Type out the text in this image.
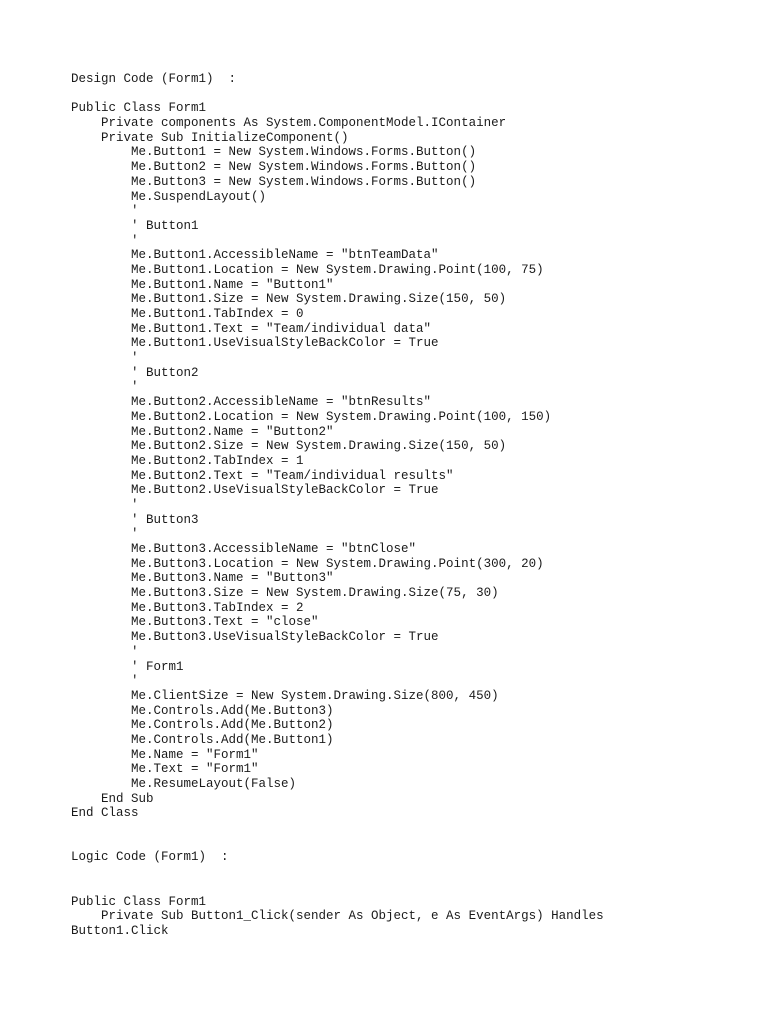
Design Code (Form1)  :
Public Class Form1
Private components As System.ComponentModel.IContainer
Private Sub InitializeComponent()
Me.Button1 = New System.Windows.Forms.Button()
Me.Button2 = New System.Windows.Forms.Button()
Me.Button3 = New System.Windows.Forms.Button()
Me.SuspendLayout()
'
' Button1
'
Me.Button1.AccessibleName = "btnTeamData"
Me.Button1.Location = New System.Drawing.Point(100, 75)
Me.Button1.Name = "Button1"
Me.Button1.Size = New System.Drawing.Size(150, 50)
Me.Button1.TabIndex = 0
Me.Button1.Text = "Team/individual data"
Me.Button1.UseVisualStyleBackColor = True
'
' Button2
'
Me.Button2.AccessibleName = "btnResults"
Me.Button2.Location = New System.Drawing.Point(100, 150)
Me.Button2.Name = "Button2"
Me.Button2.Size = New System.Drawing.Size(150, 50)
Me.Button2.TabIndex = 1
Me.Button2.Text = "Team/individual results"
Me.Button2.UseVisualStyleBackColor = True
'
' Button3
'
Me.Button3.AccessibleName = "btnClose"
Me.Button3.Location = New System.Drawing.Point(300, 20)
Me.Button3.Name = "Button3"
Me.Button3.Size = New System.Drawing.Size(75, 30)
Me.Button3.TabIndex = 2
Me.Button3.Text = "close"
Me.Button3.UseVisualStyleBackColor = True
'
' Form1
'
Me.ClientSize = New System.Drawing.Size(800, 450)
Me.Controls.Add(Me.Button3)
Me.Controls.Add(Me.Button2)
Me.Controls.Add(Me.Button1)
Me.Name = "Form1"
Me.Text = "Form1"
Me.ResumeLayout(False)
End Sub
End Class
Logic Code (Form1)  :
Public Class Form1
Private Sub Button1_Click(sender As Object, e As EventArgs) Handles
Button1.Click
